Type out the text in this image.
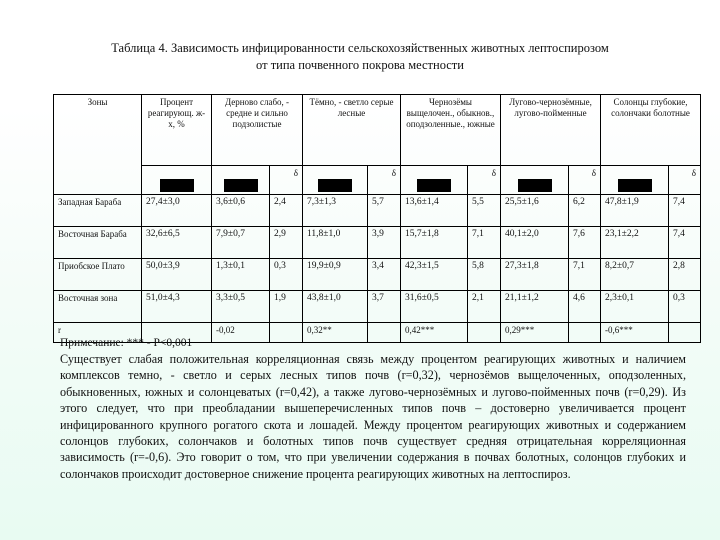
Таблица 4. Зависимость инфицированности сельскохозяйственных животных лептоспирозом
от типа почвенного покрова местности
Зоны	Процент реагирующ. ж-х, %	Дерново слабо, - средне и сильно подзолистые		Тёмно, - светло серые лесные		Чернозёмы выщелочен., обыкнов., оподзоленные., южные		Лугово-чернозёмные, лугово-пойменные		Солонцы глубокие, солончаки болотные	
			δ		δ		δ		δ		δ
Западная Бараба	27,4±3,0	3,6±0,6	2,4	7,3±1,3	5,7	13,6±1,4	5,5	25,5±1,6	6,2	47,8±1,9	7,4
Восточная Бараба	32,6±6,5	7,9±0,7	2,9	11,8±1,0	3,9	15,7±1,8	7,1	40,1±2,0	7,6	23,1±2,2	7,4
Приобское Плато	50,0±3,9	1,3±0,1	0,3	19,9±0,9	3,4	42,3±1,5	5,8	27,3±1,8	7,1	8,2±0,7	2,8
Восточная зона	51,0±4,3	3,3±0,5	1,9	43,8±1,0	3,7	31,6±0,5	2,1	21,1±1,2	4,6	2,3±0,1	0,3
r		-0,02		0,32**		0,42***		0,29***		-0,6***	
Примечание: *** - P<0,001
Существует слабая положительная корреляционная связь между процентом реагирующих животных и наличием комплексов темно, - светло и серых лесных типов почв (r=0,32), чернозёмов выщелоченных, оподзоленных, обыкновенных, южных и солонцеватых (r=0,42), а также лугово-чернозёмных и лугово-пойменных почв (r=0,29). Из этого следует, что при преобладании вышеперечисленных типов почв – достоверно увеличивается процент инфицированного крупного рогатого скота и лошадей. Между процентом реагирующих животных и содержанием солонцов глубоких, солончаков и болотных типов почв существует средняя отрицательная корреляционная зависимость (r=-0,6). Это говорит о том, что при увеличении содержания в почвах болотных, солонцов глубоких и солончаков происходит достоверное снижение процента реагирующих животных на лептоспироз.
